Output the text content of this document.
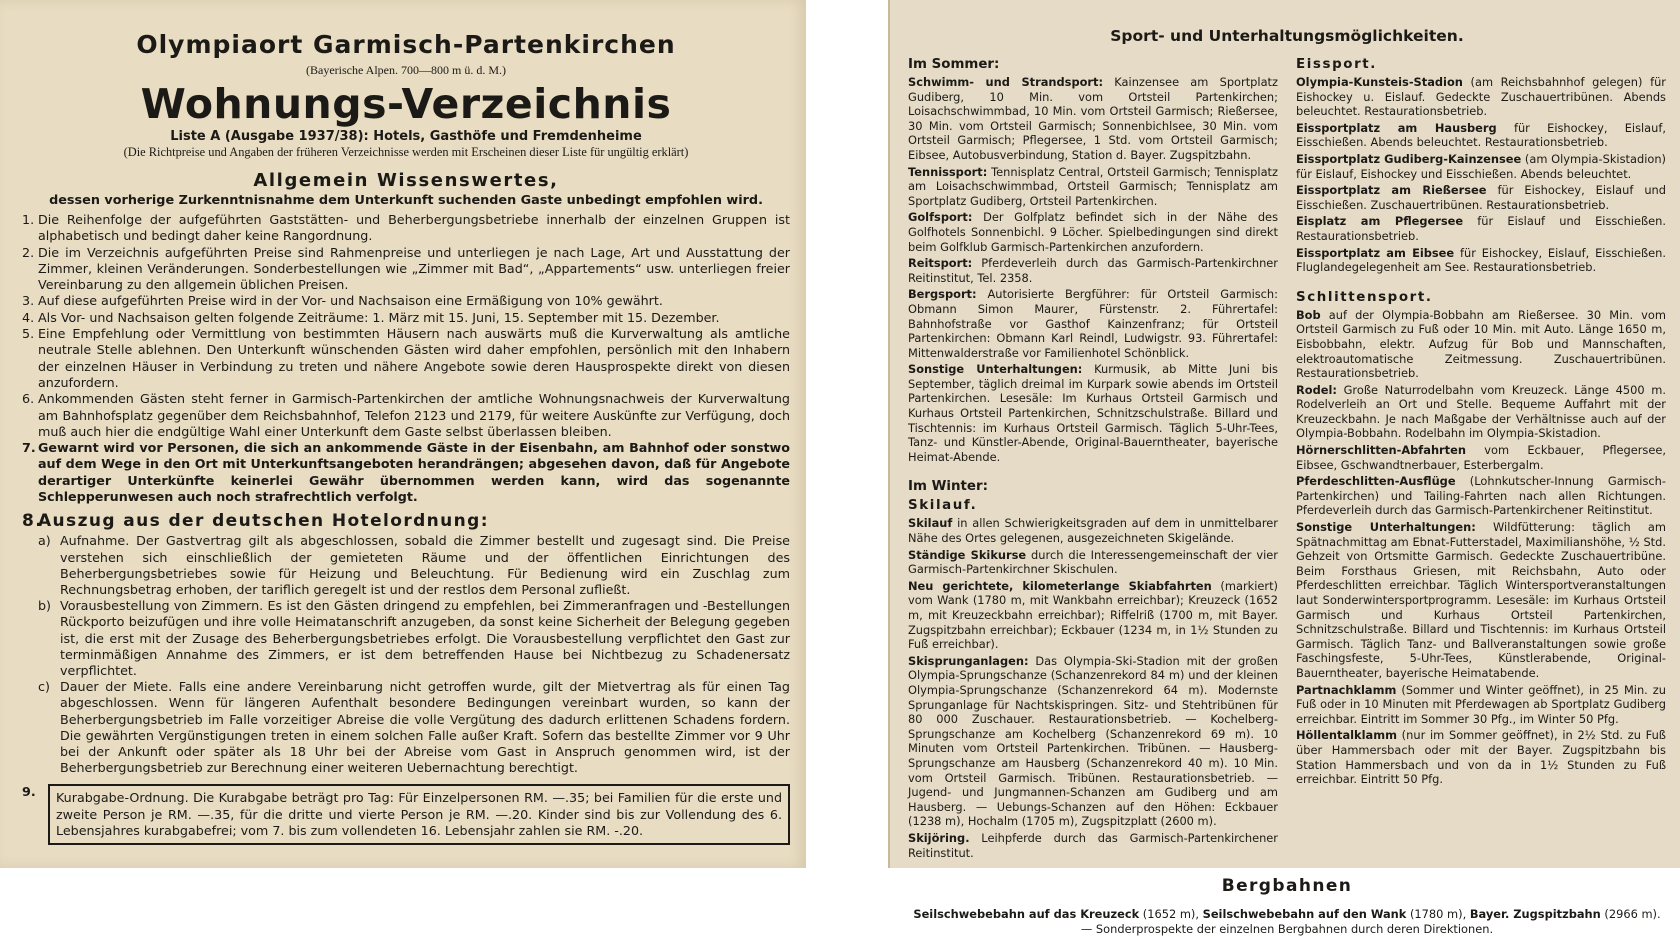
Olympiaort Garmisch-Partenkirchen

(Bayerische Alpen. 700—800 m ü. d. M.)

Wohnungs-Verzeichnis

Liste A (Ausgabe 1937/38): Hotels, Gasthöfe und Fremdenheime

(Die Richtpreise und Angaben der früheren Verzeichnisse werden mit Erscheinen dieser Liste für ungültig erklärt)

Allgemein Wissenswertes,

dessen vorherige Zurkenntnisnahme dem Unterkunft suchenden Gaste unbedingt empfohlen wird.

1. Die Reihenfolge der aufgeführten Gaststätten- und Beherbergungsbetriebe innerhalb der einzelnen Gruppen ist alphabetisch und bedingt daher keine Rangordnung.
2. Die im Verzeichnis aufgeführten Preise sind Rahmenpreise und unterliegen je nach Lage, Art und Ausstattung der Zimmer, kleinen Veränderungen. Sonderbestellungen wie „Zimmer mit Bad“, „Appartements“ usw. unterliegen freier Vereinbarung zu den allgemein üblichen Preisen.
3. Auf diese aufgeführten Preise wird in der Vor- und Nachsaison eine Ermäßigung von 10% gewährt.
4. Als Vor- und Nachsaison gelten folgende Zeiträume: 1. März mit 15. Juni, 15. September mit 15. Dezember.
5. Eine Empfehlung oder Vermittlung von bestimmten Häusern nach auswärts muß die Kurverwaltung als amtliche neutrale Stelle ablehnen. Den Unterkunft wünschenden Gästen wird daher empfohlen, persönlich mit den Inhabern der einzelnen Häuser in Verbindung zu treten und nähere Angebote sowie deren Hausprospekte direkt von diesen anzufordern.
6. Ankommenden Gästen steht ferner in Garmisch-Partenkirchen der amtliche Wohnungsnachweis der Kurverwaltung am Bahnhofsplatz gegenüber dem Reichsbahnhof, Telefon 2123 und 2179, für weitere Auskünfte zur Verfügung, doch muß auch hier die endgültige Wahl einer Unterkunft dem Gaste selbst überlassen bleiben.
7. Gewarnt wird vor Personen, die sich an ankommende Gäste in der Eisenbahn, am Bahnhof oder sonstwo auf dem Wege in den Ort mit Unterkunftsangeboten herandrängen; abgesehen davon, daß für Angebote derartiger Unterkünfte keinerlei Gewähr übernommen werden kann, wird das sogenannte Schlepperunwesen auch noch strafrechtlich verfolgt.
8.
Auszug aus der deutschen Hotelordnung:
a) Aufnahme. Der Gastvertrag gilt als abgeschlossen, sobald die Zimmer bestellt und zugesagt sind. Die Preise verstehen sich einschließlich der gemieteten Räume und der öffentlichen Einrichtungen des Beherbergungsbetriebes sowie für Heizung und Beleuchtung. Für Bedienung wird ein Zuschlag zum Rechnungsbetrag erhoben, der tariflich geregelt ist und der restlos dem Personal zufließt.
b) Vorausbestellung von Zimmern. Es ist den Gästen dringend zu empfehlen, bei Zimmeranfragen und -Bestellungen Rückporto beizufügen und ihre volle Heimatanschrift anzugeben, da sonst keine Sicherheit der Belegung gegeben ist, die erst mit der Zusage des Beherbergungsbetriebes erfolgt. Die Vorausbestellung verpflichtet den Gast zur terminmäßigen Annahme des Zimmers, er ist dem betreffenden Hause bei Nichtbezug zu Schadenersatz verpflichtet.
c) Dauer der Miete. Falls eine andere Vereinbarung nicht getroffen wurde, gilt der Mietvertrag als für einen Tag abgeschlossen. Wenn für längeren Aufenthalt besondere Bedingungen vereinbart wurden, so kann der Beherbergungsbetrieb im Falle vorzeitiger Abreise die volle Vergütung des dadurch erlittenen Schadens fordern. Die gewährten Vergünstigungen treten in einem solchen Falle außer Kraft. Sofern das bestellte Zimmer vor 9 Uhr bei der Ankunft oder später als 18 Uhr bei der Abreise vom Gast in Anspruch genommen wird, ist der Beherbergungsbetrieb zur Berechnung einer weiteren Uebernachtung berechtigt.
9.	Kurabgabe-Ordnung. Die Kurabgabe beträgt pro Tag: Für Einzelpersonen RM. —.35; bei Familien für die erste und zweite Person je RM. —.35, für die dritte und vierte Person je RM. —.20. Kinder sind bis zur Vollendung des 6. Lebensjahres kurabgabefrei; vom 7. bis zum vollendeten 16. Lebensjahr zahlen sie RM. -.20.

Sport- und Unterhaltungsmöglichkeiten.

Im Sommer:

Schwimm- und Strandsport: Kainzensee am Sportplatz Gudiberg, 10 Min. vom Ortsteil Partenkirchen; Loisachschwimmbad, 10 Min. vom Ortsteil Garmisch; Rießersee, 30 Min. vom Ortsteil Garmisch; Sonnenbichlsee, 30 Min. vom Ortsteil Garmisch; Pflegersee, 1 Std. vom Ortsteil Garmisch; Eibsee, Autobusverbindung, Station d. Bayer. Zugspitzbahn.

Tennissport: Tennisplatz Central, Ortsteil Garmisch; Tennisplatz am Loisachschwimmbad, Ortsteil Garmisch; Tennisplatz am Sportplatz Gudiberg, Ortsteil Partenkirchen.

Golfsport: Der Golfplatz befindet sich in der Nähe des Golfhotels Sonnenbichl. 9 Löcher. Spielbedingungen sind direkt beim Golfklub Garmisch-Partenkirchen anzufordern.

Reitsport: Pferdeverleih durch das Garmisch-Partenkirchner Reitinstitut, Tel. 2358.

Bergsport: Autorisierte Bergführer: für Ortsteil Garmisch: Obmann Simon Maurer, Fürstenstr. 2. Führertafel: Bahnhofstraße vor Gasthof Kainzenfranz; für Ortsteil Partenkirchen: Obmann Karl Reindl, Ludwigstr. 93. Führertafel: Mittenwalderstraße vor Familienhotel Schönblick.

Sonstige Unterhaltungen: Kurmusik, ab Mitte Juni bis September, täglich dreimal im Kurpark sowie abends im Ortsteil Partenkirchen. Lesesäle: Im Kurhaus Ortsteil Garmisch und Kurhaus Ortsteil Partenkirchen, Schnitzschulstraße. Billard und Tischtennis: im Kurhaus Ortsteil Garmisch. Täglich 5-Uhr-Tees, Tanz- und Künstler-Abende, Original-Bauerntheater, bayerische Heimat-Abende.

Im Winter:
Skilauf.

Skilauf in allen Schwierigkeitsgraden auf dem in unmittelbarer Nähe des Ortes gelegenen, ausgezeichneten Skigelände.

Ständige Skikurse durch die Interessengemeinschaft der vier Garmisch-Partenkirchner Skischulen.

Neu gerichtete, kilometerlange Skiabfahrten (markiert) vom Wank (1780 m, mit Wankbahn erreichbar); Kreuzeck (1652 m, mit Kreuzeckbahn erreichbar); Riffelriß (1700 m, mit Bayer. Zugspitzbahn erreichbar); Eckbauer (1234 m, in 1½ Stunden zu Fuß erreichbar).

Skisprunganlagen: Das Olympia-Ski-Stadion mit der großen Olympia-Sprungschanze (Schanzenrekord 84 m) und der kleinen Olympia-Sprungschanze (Schanzenrekord 64 m). Modernste Sprunganlage für Nachtskispringen. Sitz- und Stehtribünen für 80 000 Zuschauer. Restaurationsbetrieb. — Kochelberg-Sprungschanze am Kochelberg (Schanzenrekord 69 m). 10 Minuten vom Ortsteil Partenkirchen. Tribünen. — Hausberg-Sprungschanze am Hausberg (Schanzenrekord 40 m). 10 Min. vom Ortsteil Garmisch. Tribünen. Restaurationsbetrieb. — Jugend- und Jungmannen-Schanzen am Gudiberg und am Hausberg. — Uebungs-Schanzen auf den Höhen: Eckbauer (1238 m), Hochalm (1705 m), Zugspitzplatt (2600 m).

Skijöring. Leihpferde durch das Garmisch-Partenkirchener Reitinstitut.

Eissport.

Olympia-Kunsteis-Stadion (am Reichsbahnhof gelegen) für Eishockey u. Eislauf. Gedeckte Zuschauertribünen. Abends beleuchtet. Restaurationsbetrieb.

Eissportplatz am Hausberg für Eishockey, Eislauf, Eisschießen. Abends beleuchtet. Restaurationsbetrieb.

Eissportplatz Gudiberg-Kainzensee (am Olympia-Skistadion) für Eislauf, Eishockey und Eisschießen. Abends beleuchtet.

Eissportplatz am Rießersee für Eishockey, Eislauf und Eisschießen. Zuschauertribünen. Restaurationsbetrieb.

Eisplatz am Pflegersee für Eislauf und Eisschießen. Restaurationsbetrieb.

Eissportplatz am Eibsee für Eishockey, Eislauf, Eisschießen. Fluglandegelegenheit am See. Restaurationsbetrieb.

Schlittensport.

Bob auf der Olympia-Bobbahn am Rießersee. 30 Min. vom Ortsteil Garmisch zu Fuß oder 10 Min. mit Auto. Länge 1650 m, Eisbobbahn, elektr. Aufzug für Bob und Mannschaften, elektroautomatische Zeitmessung. Zuschauertribünen. Restaurationsbetrieb.

Rodel: Große Naturrodelbahn vom Kreuzeck. Länge 4500 m. Rodelverleih an Ort und Stelle. Bequeme Auffahrt mit der Kreuzeckbahn. Je nach Maßgabe der Verhältnisse auch auf der Olympia-Bobbahn. Rodelbahn im Olympia-Skistadion.

Hörnerschlitten-Abfahrten vom Eckbauer, Pflegersee, Eibsee, Gschwandtnerbauer, Esterbergalm.

Pferdeschlitten-Ausflüge (Lohnkutscher-Innung Garmisch-Partenkirchen) und Tailing-Fahrten nach allen Richtungen. Pferdeverleih durch das Garmisch-Partenkirchener Reitinstitut.

Sonstige Unterhaltungen: Wildfütterung: täglich am Spätnachmittag am Ebnat-Futterstadel, Maximilianshöhe, ½ Std. Gehzeit von Ortsmitte Garmisch. Gedeckte Zuschauertribüne. Beim Forsthaus Griesen, mit Reichsbahn, Auto oder Pferdeschlitten erreichbar. Täglich Wintersportveranstaltungen laut Sonderwintersportprogramm. Lesesäle: im Kurhaus Ortsteil Garmisch und Kurhaus Ortsteil Partenkirchen, Schnitzschulstraße. Billard und Tischtennis: im Kurhaus Ortsteil Garmisch. Täglich Tanz- und Ballveranstaltungen sowie große Faschingsfeste, 5-Uhr-Tees, Künstlerabende, Original-Bauerntheater, bayerische Heimatabende.

Partnachklamm (Sommer und Winter geöffnet), in 25 Min. zu Fuß oder in 10 Minuten mit Pferdewagen ab Sportplatz Gudiberg erreichbar. Eintritt im Sommer 30 Pfg., im Winter 50 Pfg.

Höllentalklamm (nur im Sommer geöffnet), in 2½ Std. zu Fuß über Hammersbach oder mit der Bayer. Zugspitzbahn bis Station Hammersbach und von da in 1½ Stunden zu Fuß erreichbar. Eintritt 50 Pfg.

Bergbahnen

Seilschwebebahn auf das Kreuzeck (1652 m), Seilschwebebahn auf den Wank (1780 m), Bayer. Zugspitzbahn (2966 m). — Sonderprospekte der einzelnen Bergbahnen durch deren Direktionen.
